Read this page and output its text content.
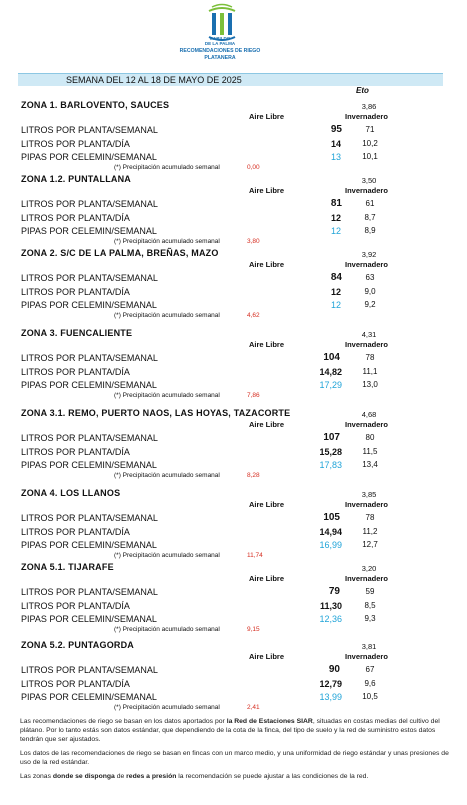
CABILDO
DE LA PALMA
RECOMENDACIONES DE RIEGO
PLATANERA
SEMANA DEL 12 AL 18 DE MAYO DE 2025
Eto
ZONA 1. BARLOVENTO, SAUCES	3,86
Aire Libre	Invernadero
LITROS POR PLANTA/SEMANAL	95	71
LITROS POR PLANTA/DÍA	14	10,2
PIPAS POR CELEMIN/SEMANAL	13	10,1
(*) Precipitación acumulado semanal	0,00
ZONA 1.2. PUNTALLANA	3,50
Aire Libre	Invernadero
LITROS POR PLANTA/SEMANAL	81	61
LITROS POR PLANTA/DÍA	12	8,7
PIPAS POR CELEMIN/SEMANAL	12	8,9
(*) Precipitación acumulado semanal	3,80
ZONA 2. S/C DE LA PALMA, BREÑAS, MAZO	3,92
Aire Libre	Invernadero
LITROS POR PLANTA/SEMANAL	84	63
LITROS POR PLANTA/DÍA	12	9,0
PIPAS POR CELEMIN/SEMANAL	12	9,2
(*) Precipitación acumulado semanal	4,62
ZONA 3. FUENCALIENTE	4,31
Aire Libre	Invernadero
LITROS POR PLANTA/SEMANAL	104	78
LITROS POR PLANTA/DÍA	14,82	11,1
PIPAS POR CELEMIN/SEMANAL	17,29	13,0
(*) Precipitación acumulado semanal	7,86
ZONA 3.1. REMO, PUERTO NAOS, LAS HOYAS, TAZACORTE	4,68
Aire Libre	Invernadero
LITROS POR PLANTA/SEMANAL	107	80
LITROS POR PLANTA/DÍA	15,28	11,5
PIPAS POR CELEMIN/SEMANAL	17,83	13,4
(*) Precipitación acumulado semanal	8,28
ZONA 4. LOS LLANOS	3,85
Aire Libre	Invernadero
LITROS POR PLANTA/SEMANAL	105	78
LITROS POR PLANTA/DÍA	14,94	11,2
PIPAS POR CELEMIN/SEMANAL	16,99	12,7
(*) Precipitación acumulado semanal	11,74
ZONA 5.1. TIJARAFE	3,20
Aire Libre	Invernadero
LITROS POR PLANTA/SEMANAL	79	59
LITROS POR PLANTA/DÍA	11,30	8,5
PIPAS POR CELEMIN/SEMANAL	12,36	9,3
(*) Precipitación acumulado semanal	9,15
ZONA 5.2. PUNTAGORDA	3,81
Aire Libre	Invernadero
LITROS POR PLANTA/SEMANAL	90	67
LITROS POR PLANTA/DÍA	12,79	9,6
PIPAS POR CELEMIN/SEMANAL	13,99	10,5
(*) Precipitación acumulado semanal	2,41

Las recomendaciones de riego se basan en los datos aportados por la Red de Estaciones SIAR, situadas en costas medias del cultivo del plátano. Por lo tanto estás son datos estándar, que dependiendo de la cota de la finca, del tipo de suelo y la red de suministro estos datos tendrán que ser ajustados.

Los datos de las recomendaciones de riego se basan en fincas con un marco medio, y una uniformidad de riego estándar y unas presiones de uso de la red estándar.

Las zonas donde se disponga de redes a presión la recomendación se puede ajustar a las condiciones de la red.
